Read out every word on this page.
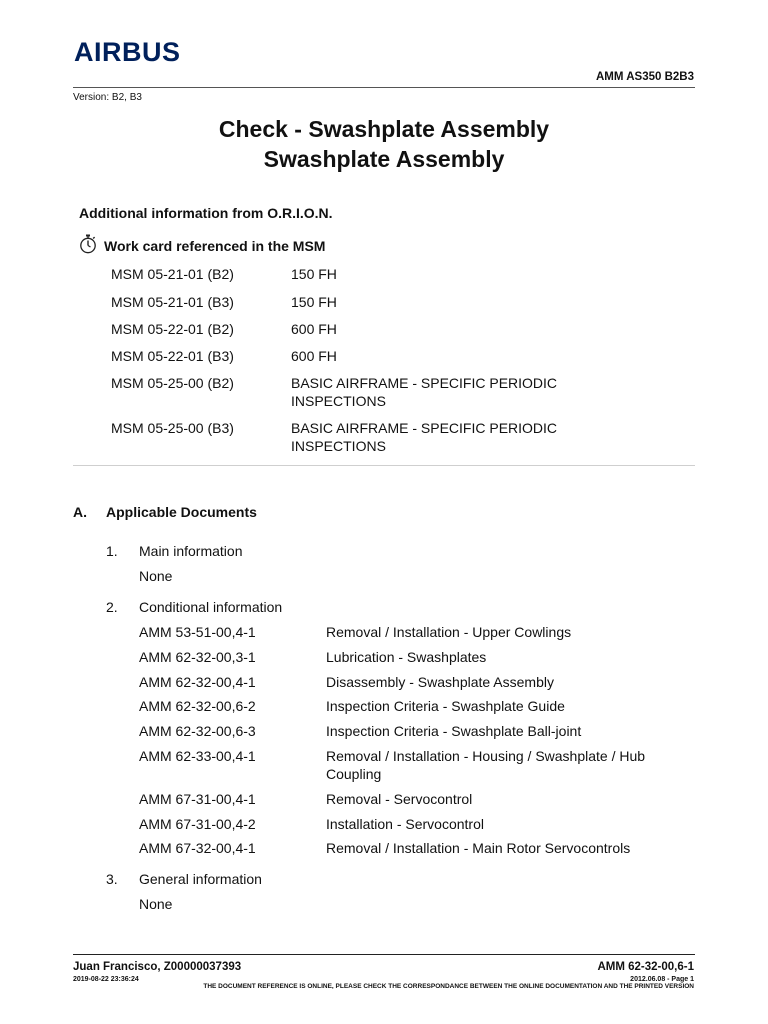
AIRBUS
AMM AS350 B2B3
Version: B2, B3
Check - Swashplate Assembly
Swashplate Assembly
Additional information from O.R.I.O.N.
Work card referenced in the MSM
MSM 05-21-01 (B2)	150 FH
MSM 05-21-01 (B3)	150 FH
MSM 05-22-01 (B2)	600 FH
MSM 05-22-01 (B3)	600 FH
MSM 05-25-00 (B2)	BASIC AIRFRAME - SPECIFIC PERIODIC INSPECTIONS
MSM 05-25-00 (B3)	BASIC AIRFRAME - SPECIFIC PERIODIC INSPECTIONS
A. Applicable Documents
1. Main information
None
2. Conditional information
AMM 53-51-00,4-1	Removal / Installation - Upper Cowlings
AMM 62-32-00,3-1	Lubrication - Swashplates
AMM 62-32-00,4-1	Disassembly - Swashplate Assembly
AMM 62-32-00,6-2	Inspection Criteria - Swashplate Guide
AMM 62-32-00,6-3	Inspection Criteria - Swashplate Ball-joint
AMM 62-33-00,4-1	Removal / Installation - Housing / Swashplate / Hub Coupling
AMM 67-31-00,4-1	Removal - Servocontrol
AMM 67-31-00,4-2	Installation - Servocontrol
AMM 67-32-00,4-1	Removal / Installation - Main Rotor Servocontrols
3. General information
None
Juan Francisco, Z00000037393
2019-08-22 23:36:24
AMM 62-32-00,6-1
2012.06.08 - Page 1
THE DOCUMENT REFERENCE IS ONLINE, PLEASE CHECK THE CORRESPONDANCE BETWEEN THE ONLINE DOCUMENTATION AND THE PRINTED VERSION
